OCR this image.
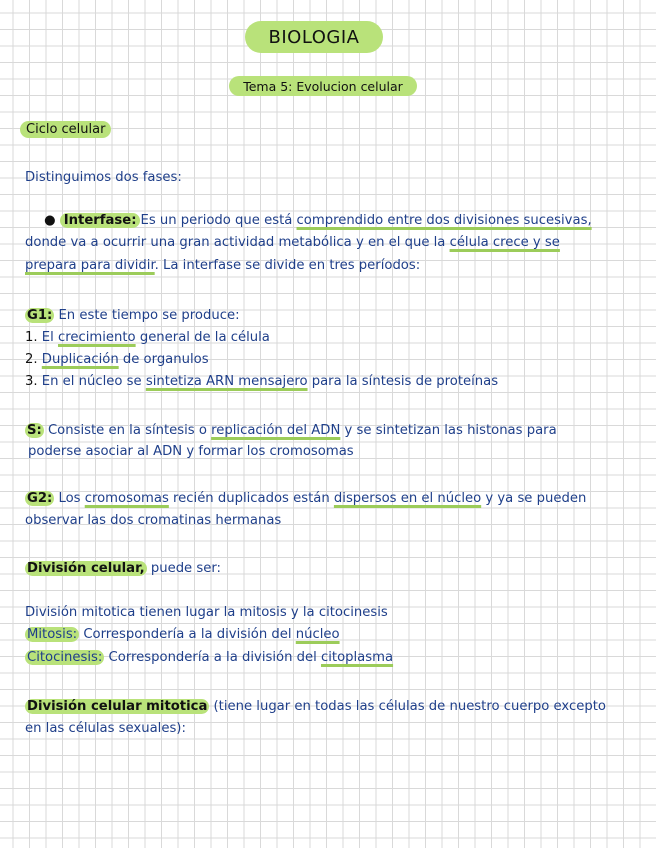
BIOLOGIA
Tema 5: Evolucion celular
Ciclo celular
Distinguimos dos fases:
● Interfase: Es un periodo que está comprendido entre dos divisiones sucesivas,
donde va a ocurrir una gran actividad metabólica y en el que la célula crece y se
prepara para dividir. La interfase se divide en tres períodos:
G1: En este tiempo se produce:
1. El crecimiento general de la célula
2. Duplicación de organulos
3. En el núcleo se sintetiza ARN mensajero para la síntesis de proteínas
S: Consiste en la síntesis o replicación del ADN y se sintetizan las histonas para
poderse asociar al ADN y formar los cromosomas
G2: Los cromosomas recién duplicados están dispersos en el núcleo y ya se pueden
observar las dos cromatinas hermanas
División celular, puede ser:
División mitotica tienen lugar la mitosis y la citocinesis
Mitosis: Correspondería a la división del núcleo
Citocinesis: Correspondería a la división del citoplasma
División celular mitotica (tiene lugar en todas las células de nuestro cuerpo excepto
en las células sexuales):
